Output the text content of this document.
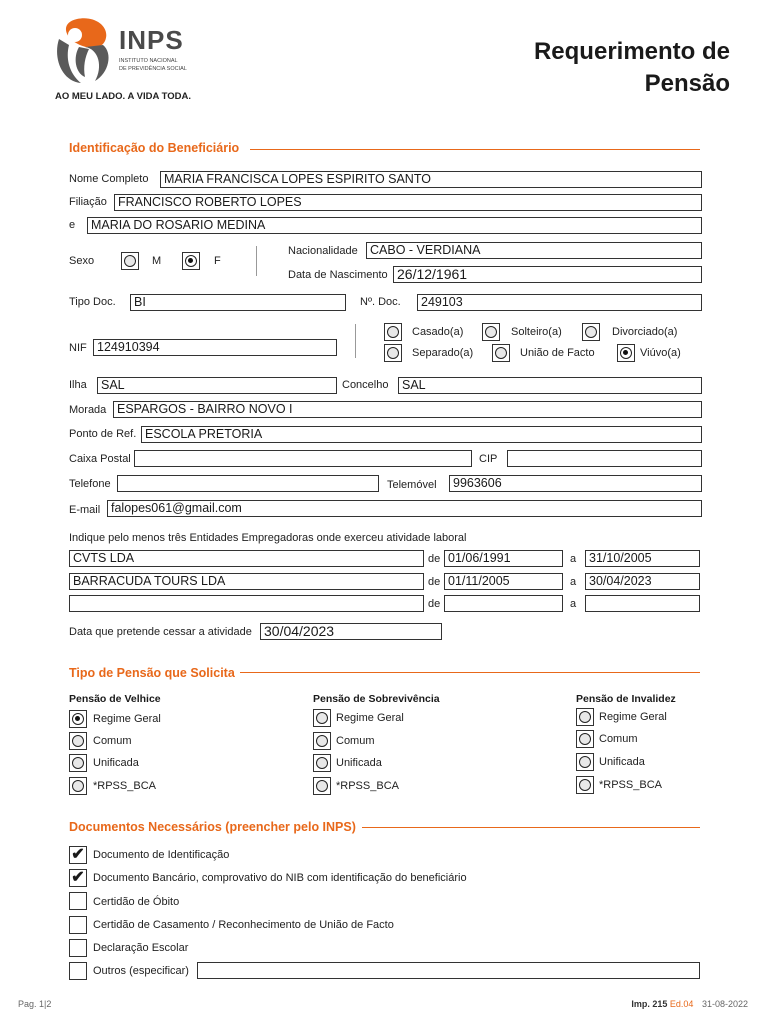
INPS
INSTITUTO NACIONAL
DE PREVIDÊNCIA SOCIAL
AO MEU LADO. A VIDA TODA.
Requerimento de
Pensão
Identificação do Beneficiário
Nome Completo	MARIA FRANCISCA LOPES ESPIRITO SANTO
Filiação FRANCISCO ROBERTO LOPES
e	MARIA DO ROSARIO MEDINA
Sexo	M	F
Nacionalidade CABO - VERDIANA
Data de Nascimento 26/12/1961
Tipo Doc.	BI	Nº. Doc.	249103
NIF 124910394
Casado(a)	Solteiro(a)	Divorciado(a)
Separado(a)	União de Facto	Viúvo(a)
Ilha	SAL	Concelho	SAL
Morada ESPARGOS - BAIRRO NOVO I
Ponto de Ref. ESCOLA PRETORIA
Caixa Postal	CIP
Telefone	Telemóvel	9963606
E-mail falopes061@gmail.com
Indique pelo menos três Entidades Empregadoras onde exerceu atividade laboral
CVTS LDA	de 01/06/1991	a	31/10/2005
BARRACUDA TOURS LDA	de 01/11/2005	a	30/04/2023
de	a
Data que pretende cessar a atividade 30/04/2023
Tipo de Pensão que Solicita
Pensão de Velhice
Regime Geral
Comum
Unificada
*RPSS_BCA
Pensão de Sobrevivência
Regime Geral
Comum
Unificada
*RPSS_BCA
Pensão de Invalidez
Regime Geral
Comum
Unificada
*RPSS_BCA
Documentos Necessários (preencher pelo INPS)
✔ Documento de Identificação
✔ Documento Bancário, comprovativo do NIB com identificação do beneficiário
Certidão de Óbito
Certidão de Casamento / Reconhecimento de União de Facto
Declaração Escolar
Outros (especificar)
Pag. 1|2	Imp. 215 Ed.04 31-08-2022
